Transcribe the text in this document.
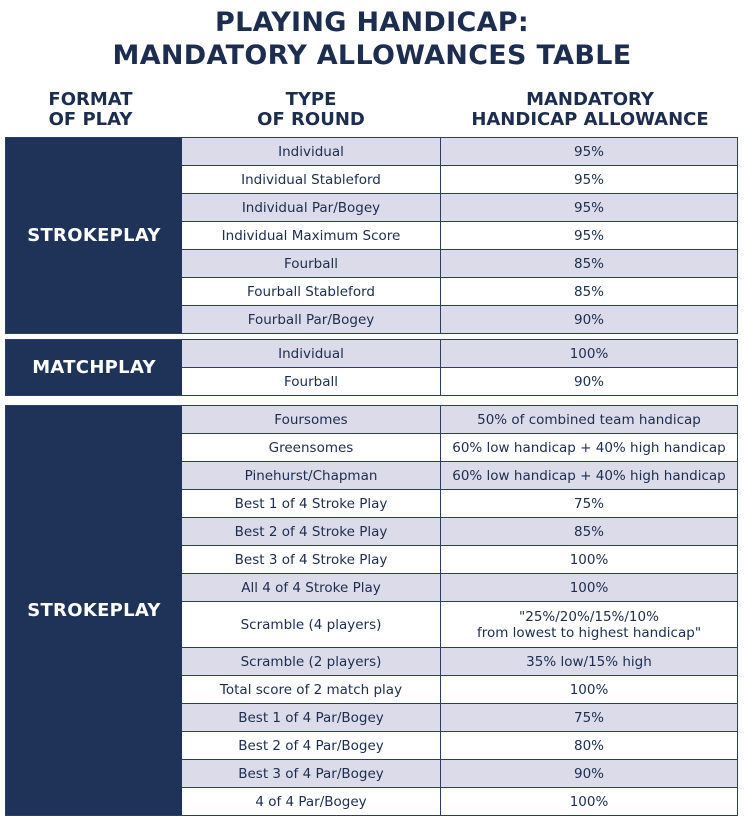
PLAYING HANDICAP:
MANDATORY ALLOWANCES TABLE
FORMAT
OF PLAY
TYPE
OF ROUND
MANDATORY
HANDICAP ALLOWANCE
STROKEPLAY
Individual	95%
Individual Stableford	95%
Individual Par/Bogey	95%
Individual Maximum Score	95%
Fourball	85%
Fourball Stableford	85%
Fourball Par/Bogey	90%
MATCHPLAY
Individual	100%
Fourball	90%
STROKEPLAY
Foursomes	50% of combined team handicap
Greensomes	60% low handicap + 40% high handicap
Pinehurst/Chapman	60% low handicap + 40% high handicap
Best 1 of 4 Stroke Play	75%
Best 2 of 4 Stroke Play	85%
Best 3 of 4 Stroke Play	100%
All 4 of 4 Stroke Play	100%
Scramble (4 players)	"25%/20%/15%/10%
from lowest to highest handicap"
Scramble (2 players)	35% low/15% high
Total score of 2 match play	100%
Best 1 of 4 Par/Bogey	75%
Best 2 of 4 Par/Bogey	80%
Best 3 of 4 Par/Bogey	90%
4 of 4 Par/Bogey	100%
